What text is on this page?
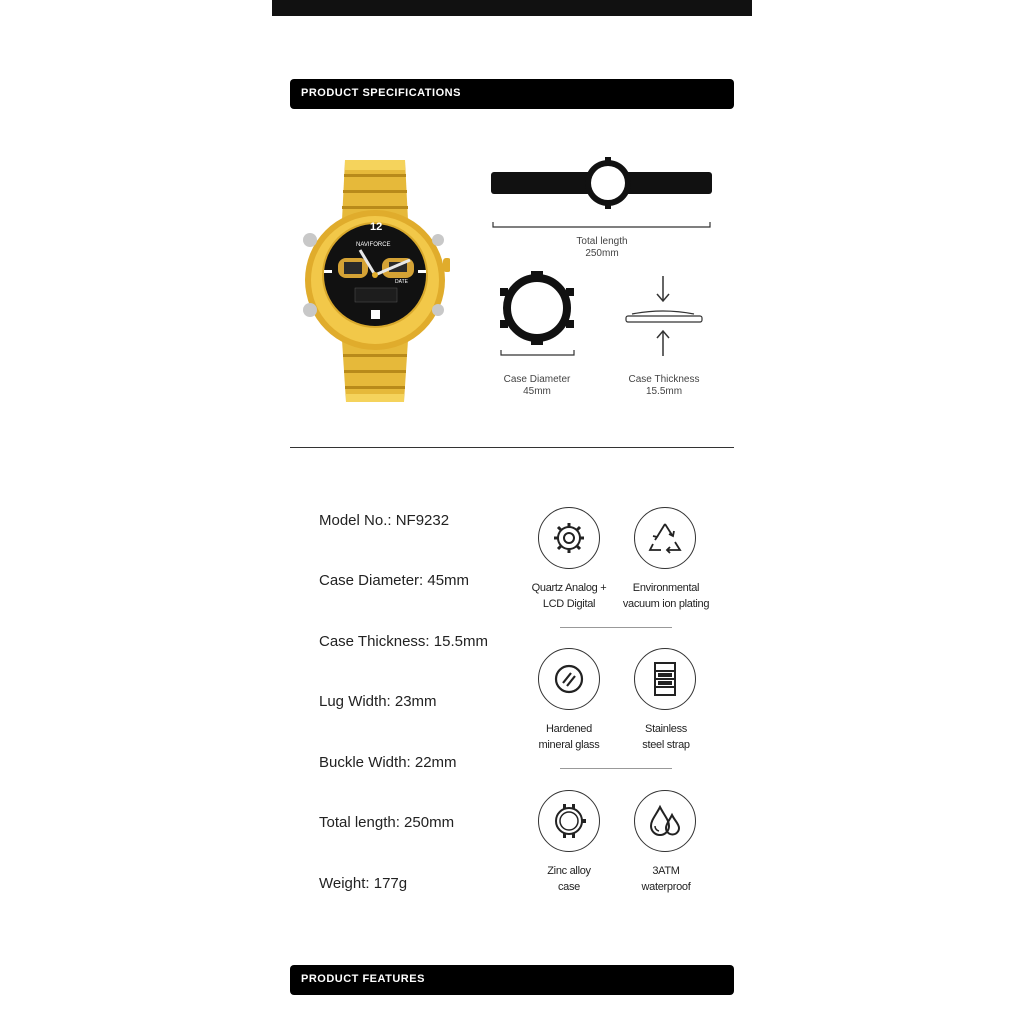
PRODUCT SPECIFICATIONS
12
NAVIFORCE
DATE
Total length
250mm
Case Diameter
45mm
Case Thickness
15.5mm
Model No.: NF9232
Case Diameter: 45mm
Case Thickness: 15.5mm
Lug Width: 23mm
Buckle Width: 22mm
Total length: 250mm
Weight: 177g
Quartz Analog +
LCD Digital
Environmental
vacuum ion plating
Hardened
mineral glass
Stainless
steel strap
Zinc alloy
case
3ATM
waterproof
PRODUCT FEATURES
